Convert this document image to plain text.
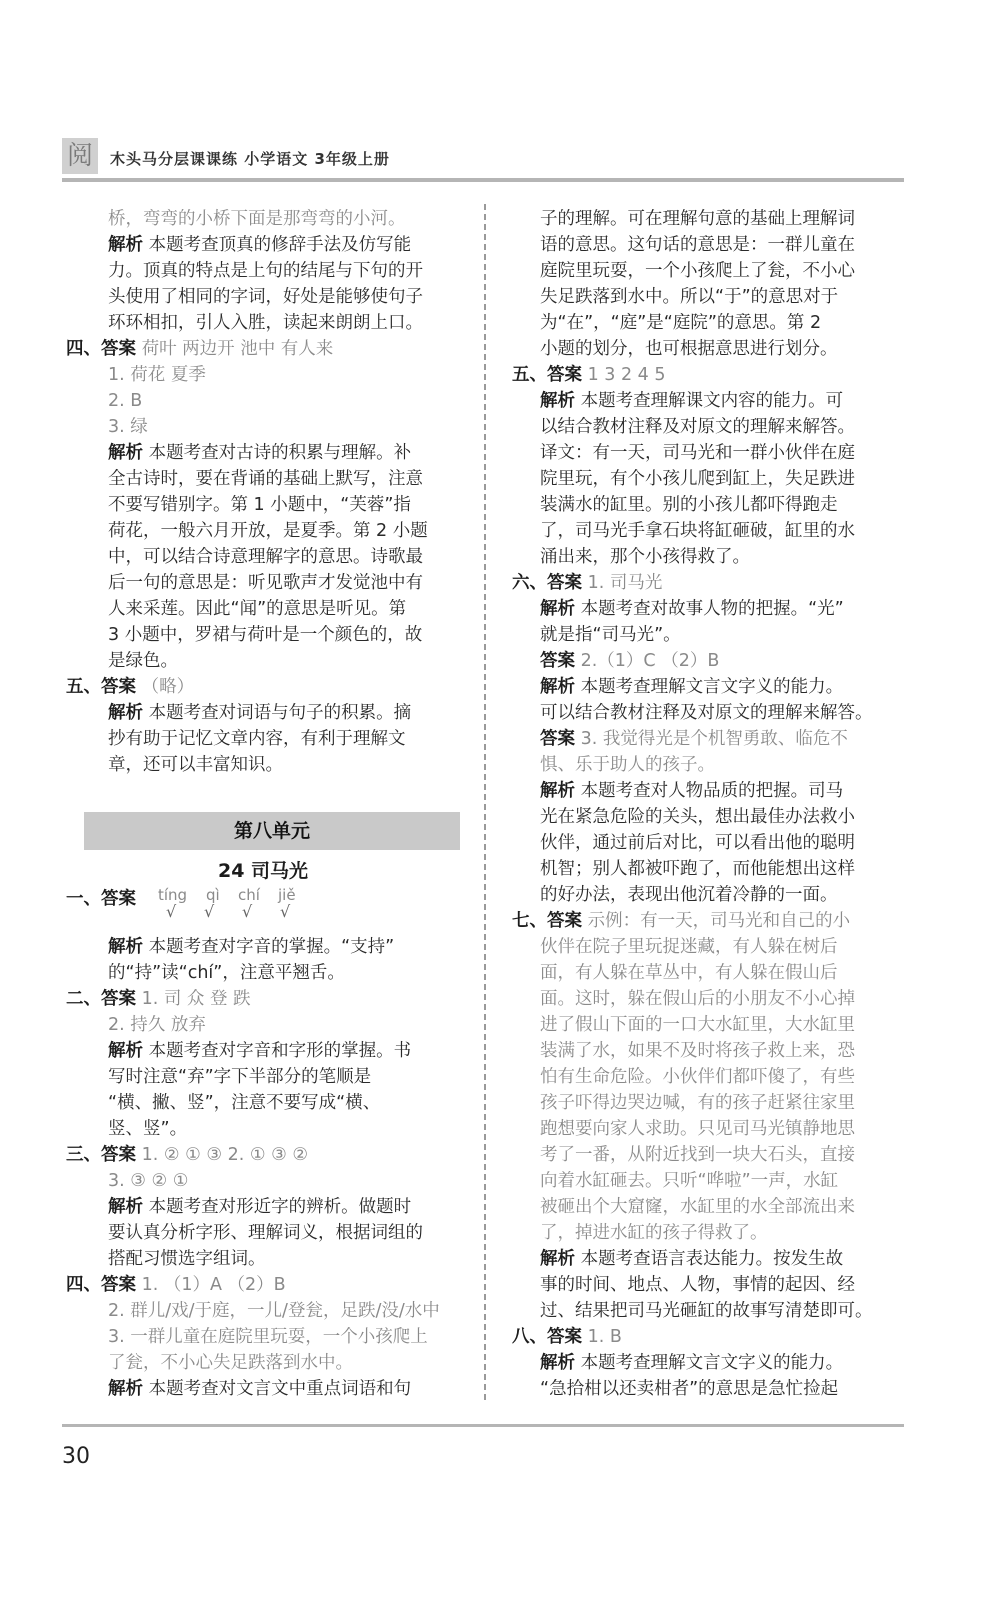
阅	木头马分层课课练 小学语文 3年级上册
桥，弯弯的小桥下面是那弯弯的小河。
解析 本题考查顶真的修辞手法及仿写能
力。顶真的特点是上句的结尾与下句的开
头使用了相同的字词，好处是能够使句子
环环相扣，引人入胜，读起来朗朗上口。
四、答案 荷叶 两边开 池中 有人来
1. 荷花 夏季
2. B
3. 绿
解析 本题考查对古诗的积累与理解。补
全古诗时，要在背诵的基础上默写，注意
不要写错别字。第 1 小题中，“芙蓉”指
荷花，一般六月开放，是夏季。第 2 小题
中，可以结合诗意理解字的意思。诗歌最
后一句的意思是：听见歌声才发觉池中有
人来采莲。因此“闻”的意思是听见。第
3 小题中，罗裙与荷叶是一个颜色的，故
是绿色。
五、答案 （略）
解析 本题考查对词语与句子的积累。摘
抄有助于记忆文章内容，有利于理解文
章，还可以丰富知识。
第八单元
24 司马光
一、答案	tíng qì chí jiě
√ √ √ √
解析 本题考查对字音的掌握。“支持”
的“持”读“chí”，注意平翘舌。
二、答案 1. 司 众 登 跌
2. 持久 放弃
解析 本题考查对字音和字形的掌握。书
写时注意“弃”字下半部分的笔顺是
“横、撇、竖”，注意不要写成“横、
竖、竖”。
三、答案 1. ② ① ③ 2. ① ③ ②
3. ③ ② ①
解析 本题考查对形近字的辨析。做题时
要认真分析字形、理解词义，根据词组的
搭配习惯选字组词。
四、答案 1. （1）A （2）B
2. 群儿/戏/于庭，一儿/登瓮，足跌/没/水中
3. 一群儿童在庭院里玩耍，一个小孩爬上
了瓮，不小心失足跌落到水中。
解析 本题考查对文言文中重点词语和句
子的理解。可在理解句意的基础上理解词
语的意思。这句话的意思是：一群儿童在
庭院里玩耍，一个小孩爬上了瓮，不小心
失足跌落到水中。所以“于”的意思对于
为“在”，“庭”是“庭院”的意思。第 2
小题的划分，也可根据意思进行划分。
五、答案 1 3 2 4 5
解析 本题考查理解课文内容的能力。可
以结合教材注释及对原文的理解来解答。
译文：有一天，司马光和一群小伙伴在庭
院里玩，有个小孩儿爬到缸上，失足跌进
装满水的缸里。别的小孩儿都吓得跑走
了，司马光手拿石块将缸砸破，缸里的水
涌出来，那个小孩得救了。
六、答案 1. 司马光
解析 本题考查对故事人物的把握。“光”
就是指“司马光”。
答案 2.（1）C （2）B
解析 本题考查理解文言文字义的能力。
可以结合教材注释及对原文的理解来解答。
答案 3. 我觉得光是个机智勇敢、临危不
惧、乐于助人的孩子。
解析 本题考查对人物品质的把握。司马
光在紧急危险的关头，想出最佳办法救小
伙伴，通过前后对比，可以看出他的聪明
机智；别人都被吓跑了，而他能想出这样
的好办法，表现出他沉着冷静的一面。
七、答案 示例：有一天，司马光和自己的小
伙伴在院子里玩捉迷藏，有人躲在树后
面，有人躲在草丛中，有人躲在假山后
面。这时，躲在假山后的小朋友不小心掉
进了假山下面的一口大水缸里，大水缸里
装满了水，如果不及时将孩子救上来，恐
怕有生命危险。小伙伴们都吓傻了，有些
孩子吓得边哭边喊，有的孩子赶紧往家里
跑想要向家人求助。只见司马光镇静地思
考了一番，从附近找到一块大石头，直接
向着水缸砸去。只听“哗啦”一声，水缸
被砸出个大窟窿，水缸里的水全部流出来
了，掉进水缸的孩子得救了。
解析 本题考查语言表达能力。按发生故
事的时间、地点、人物，事情的起因、经
过、结果把司马光砸缸的故事写清楚即可。
八、答案 1. B
解析 本题考查理解文言文字义的能力。
“急拾柑以还卖柑者”的意思是急忙捡起
30
